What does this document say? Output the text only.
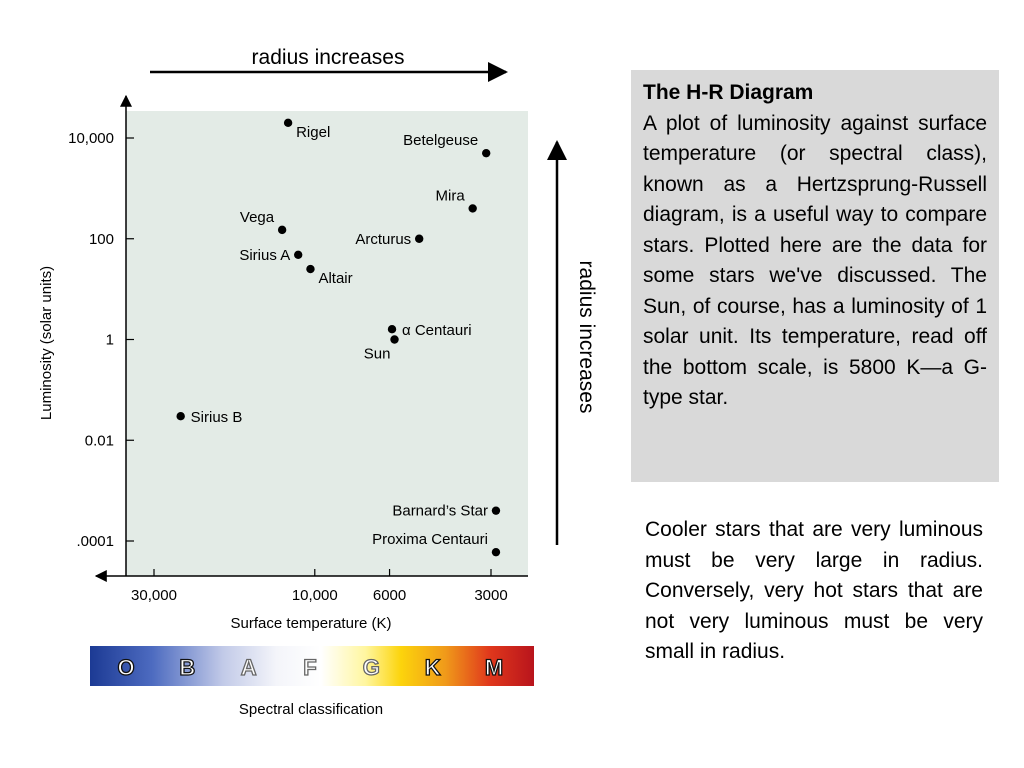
radius increases
radius increases
Luminosity (solar units)
Surface temperature (K)
30,000	10,000 6000	3000
10,000
100
1
0.01
.0001
Rigel	Betelgeuse
Mira
Arcturus
Vega
Sirius A
Altair
α Centauri
Sun
Sirius B
Barnard’s Star
Proxima Centauri
O B A F G K M
Spectral classification
The H-R Diagram
A plot of luminosity against surface temperature (or spectral class), known as a Hertzsprung-Russell diagram, is a useful way to compare stars. Plotted here are the data for some stars we've discussed. The Sun, of course, has a luminosity of 1 solar unit. Its temperature, read off the bottom scale, is 5800 K—a G-type star.
Cooler stars that are very luminous must be very large in radius. Conversely, very hot stars that are not very luminous must be very small in radius.
